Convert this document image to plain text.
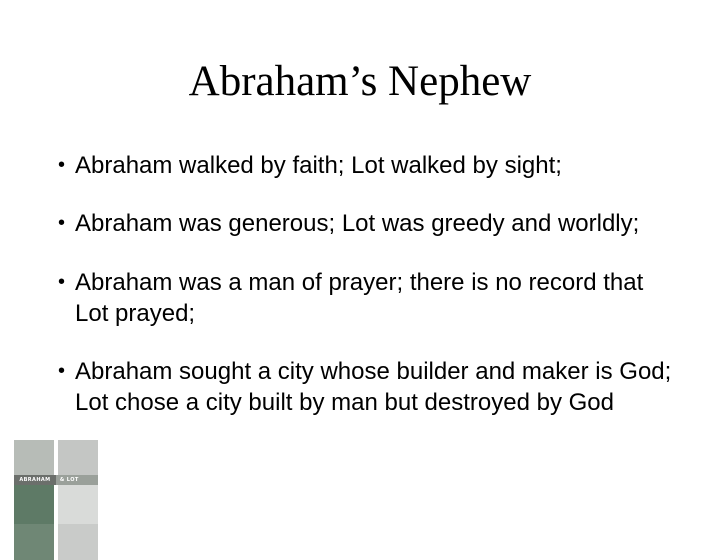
ABRAHAM	& LOT
Abraham’s Nephew
• Abraham walked by faith; Lot walked by sight;
• Abraham was generous; Lot was greedy and worldly;
• Abraham was a man of prayer; there is no record that Lot prayed;
• Abraham sought a city whose builder and maker is God; Lot chose a city built by man but destroyed by God
